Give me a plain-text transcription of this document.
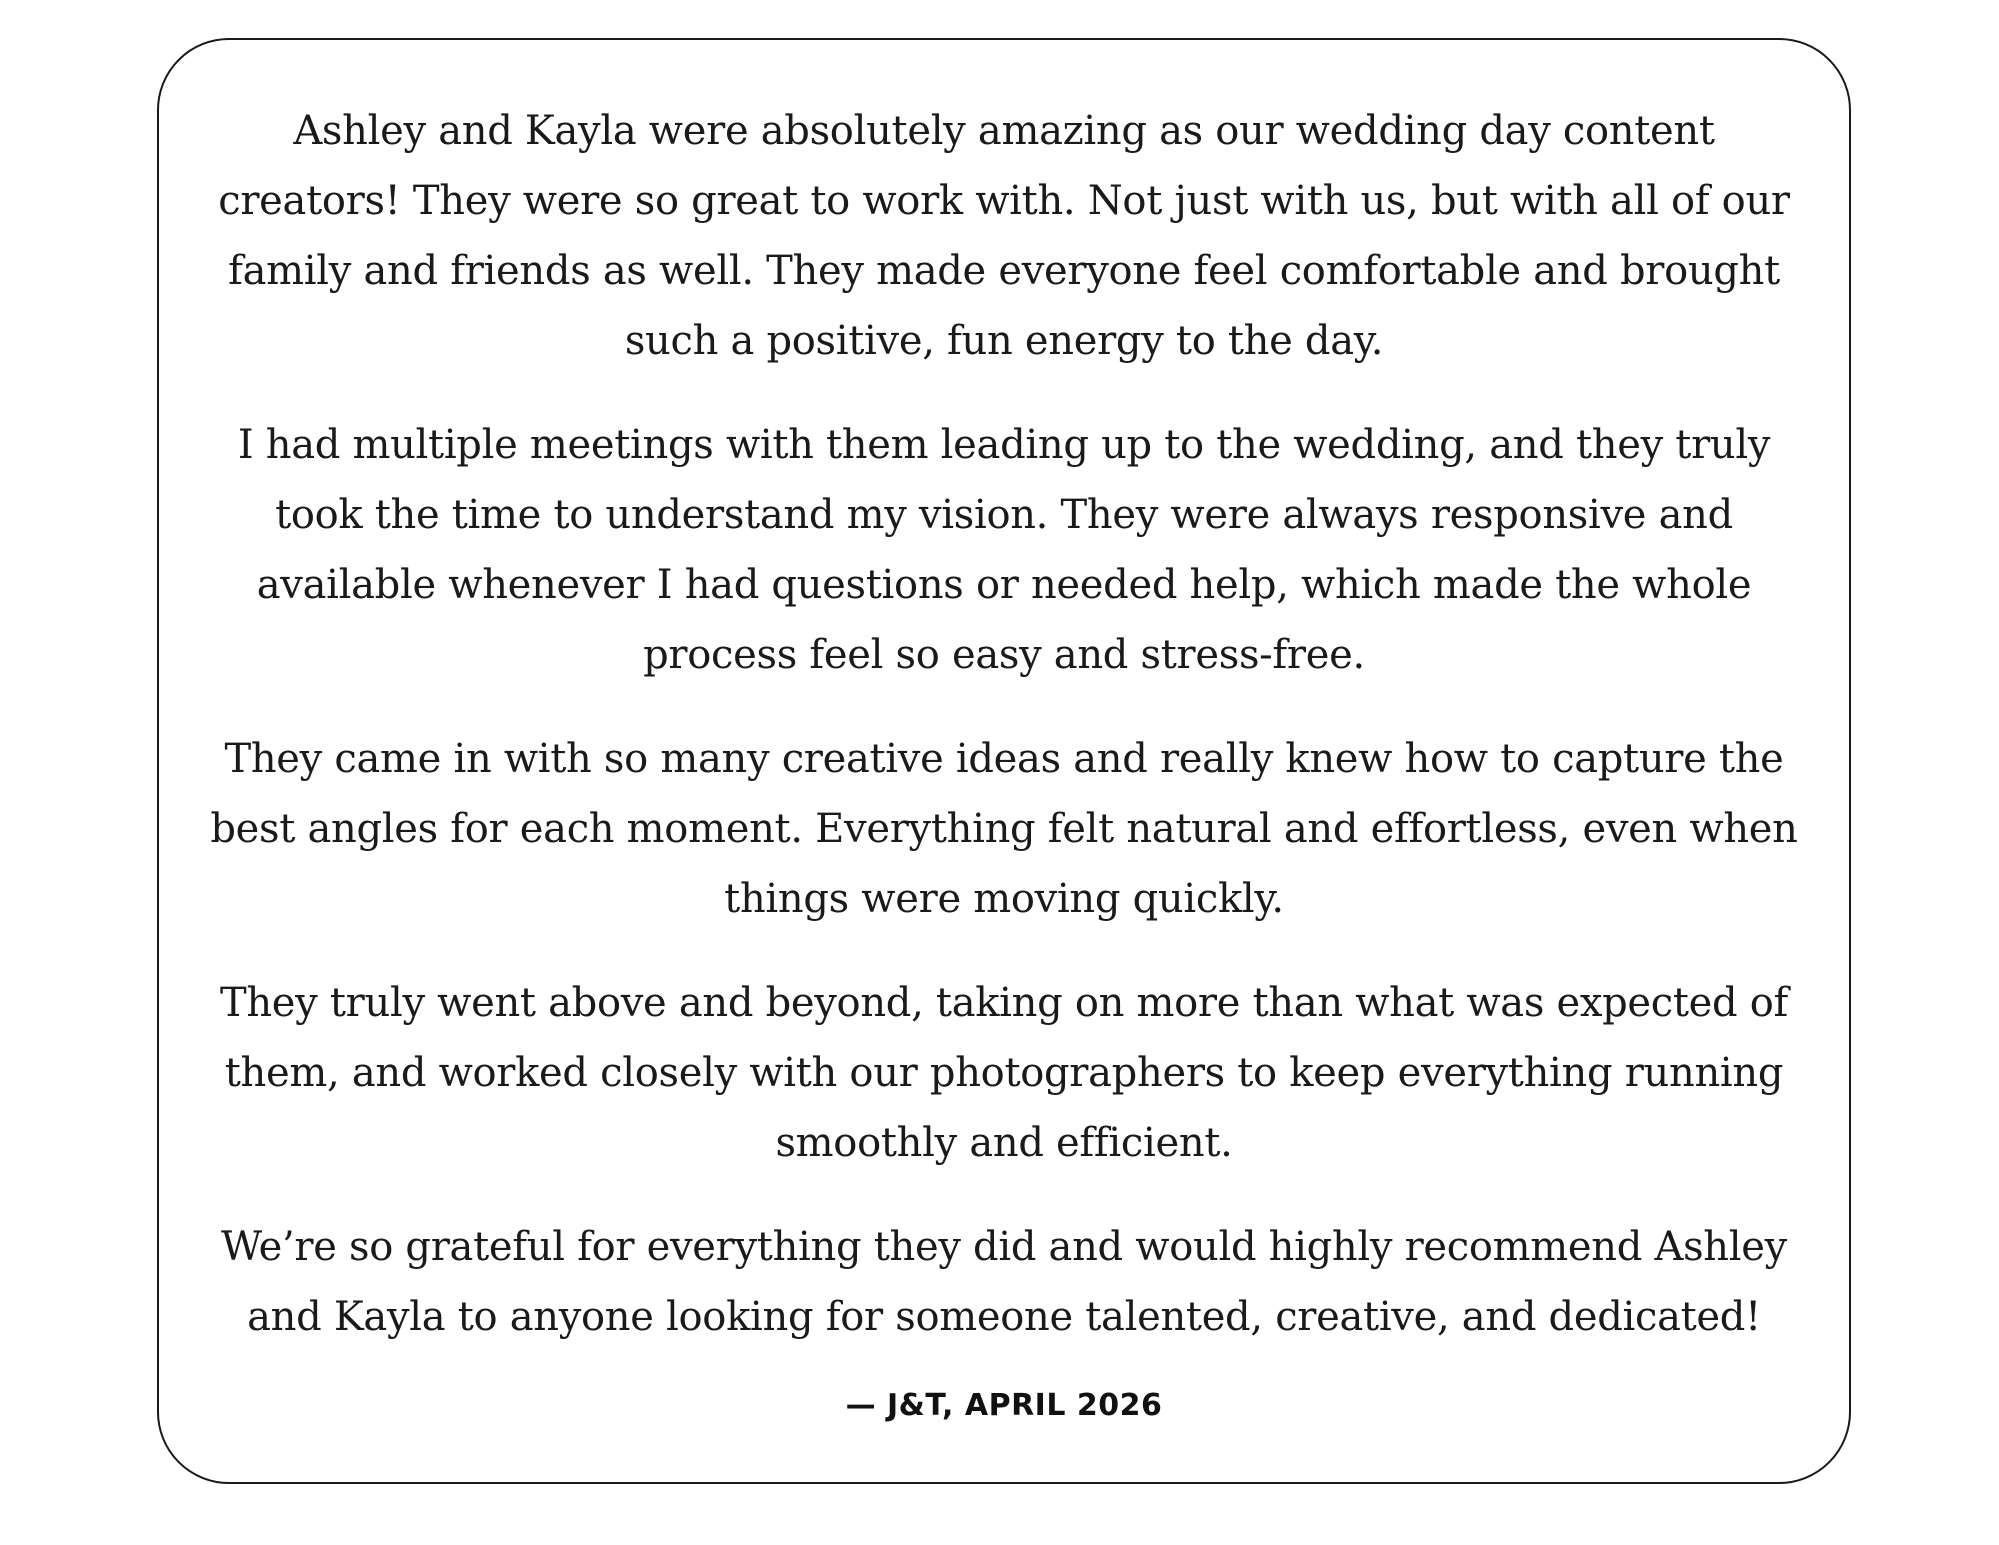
Ashley and Kayla were absolutely amazing as our wedding day content creators! They were so great to work with. Not just with us, but with all of our family and friends as well. They made everyone feel comfortable and brought such a positive, fun energy to the day.

I had multiple meetings with them leading up to the wedding, and they truly took the time to understand my vision. They were always responsive and available whenever I had questions or needed help, which made the whole process feel so easy and stress-free.

They came in with so many creative ideas and really knew how to capture the best angles for each moment. Everything felt natural and effortless, even when things were moving quickly.

They truly went above and beyond, taking on more than what was expected of them, and worked closely with our photographers to keep everything running smoothly and efficient.

We’re so grateful for everything they did and would highly recommend Ashley and Kayla to anyone looking for someone talented, creative, and dedicated!

— J&T, APRIL 2026
